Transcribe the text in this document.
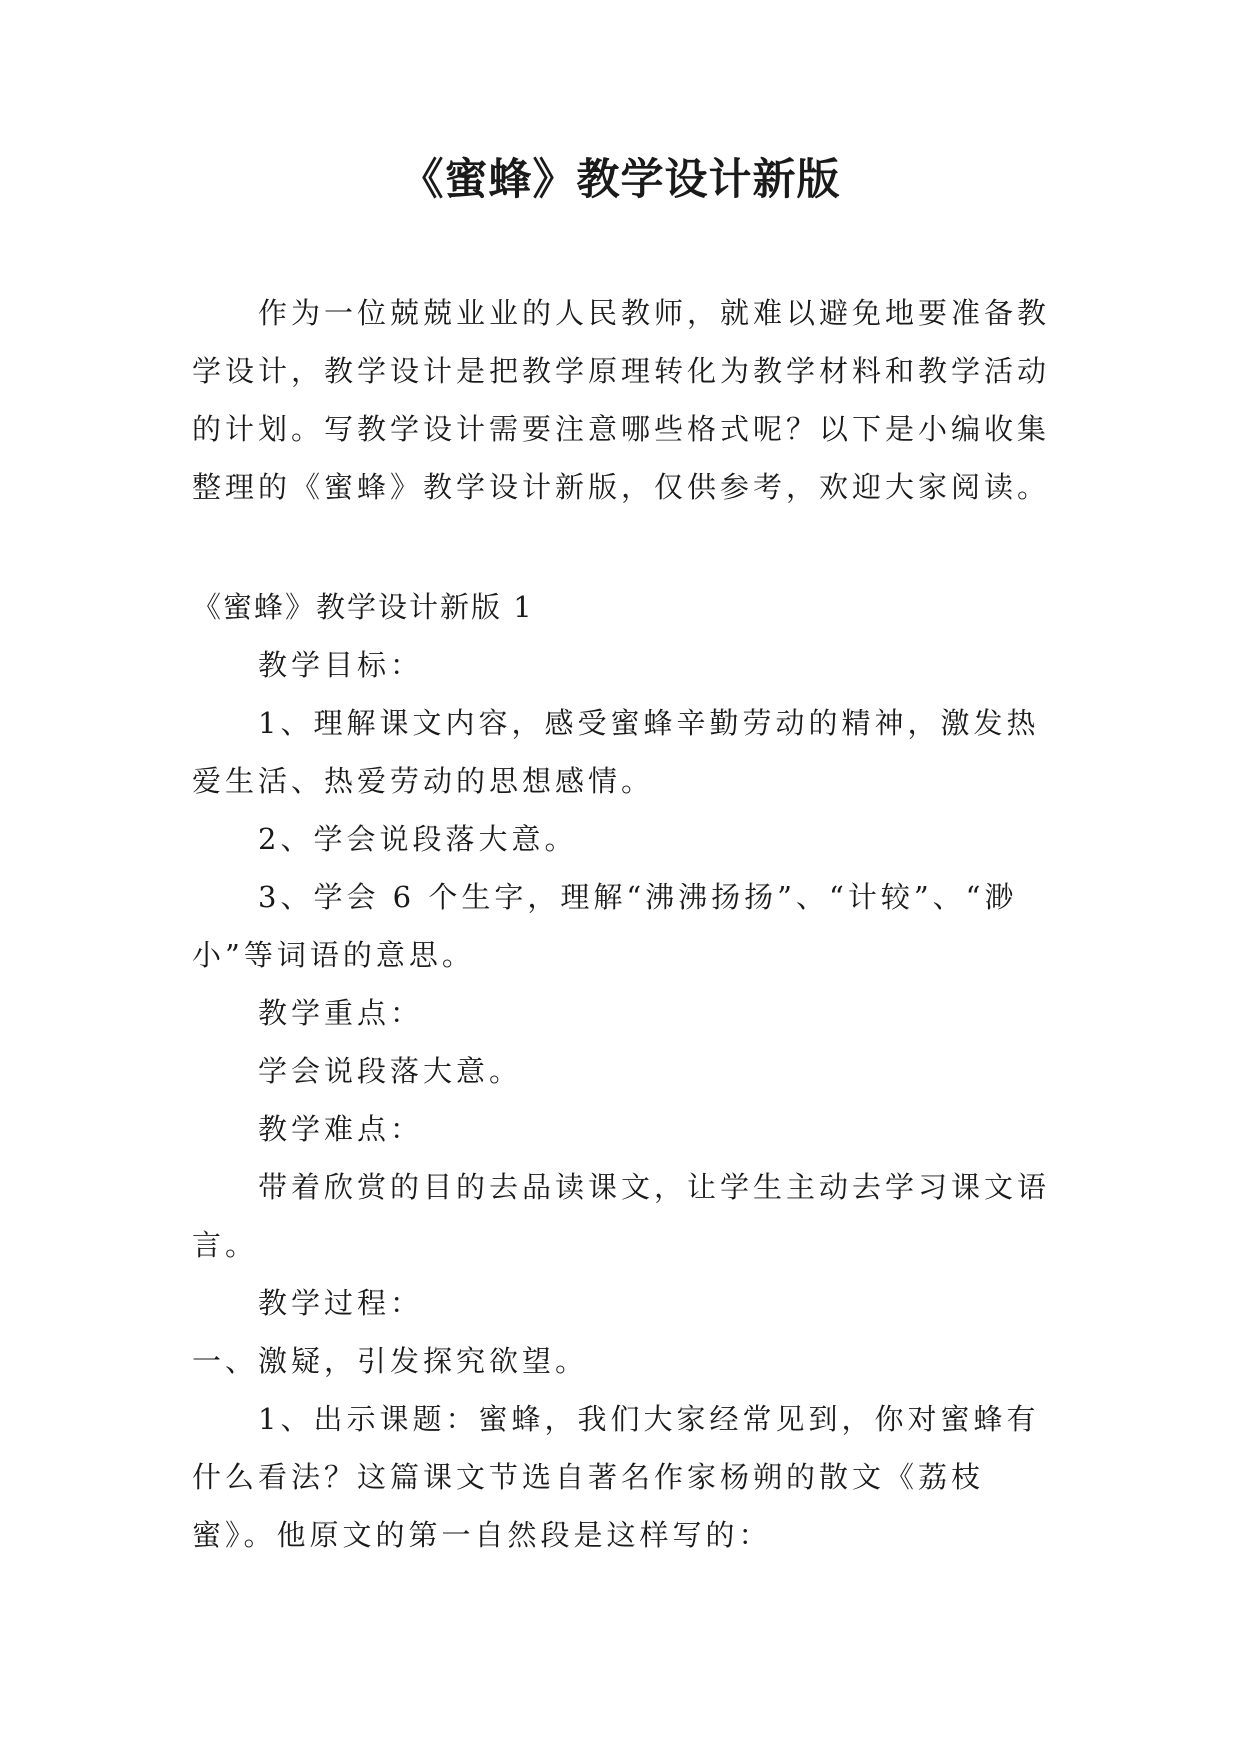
《蜜蜂》教学设计新版

作为一位兢兢业业的人民教师，就难以避免地要准备教学设计，教学设计是把教学原理转化为教学材料和教学活动的计划。写教学设计需要注意哪些格式呢？以下是小编收集整理的《蜜蜂》教学设计新版，仅供参考，欢迎大家阅读。

《蜜蜂》教学设计新版 1

教学目标：

1、理解课文内容，感受蜜蜂辛勤劳动的精神，激发热爱生活、热爱劳动的思想感情。

2、学会说段落大意。

3、学会 6 个生字，理解“沸沸扬扬”、“计较”、“渺小”等词语的意思。

教学重点：

学会说段落大意。

教学难点：

带着欣赏的目的去品读课文，让学生主动去学习课文语言。

教学过程：

一、激疑，引发探究欲望。

1、出示课题：蜜蜂，我们大家经常见到，你对蜜蜂有什么看法？这篇课文节选自著名作家杨朔的散文《荔枝蜜》。他原文的第一自然段是这样写的：
